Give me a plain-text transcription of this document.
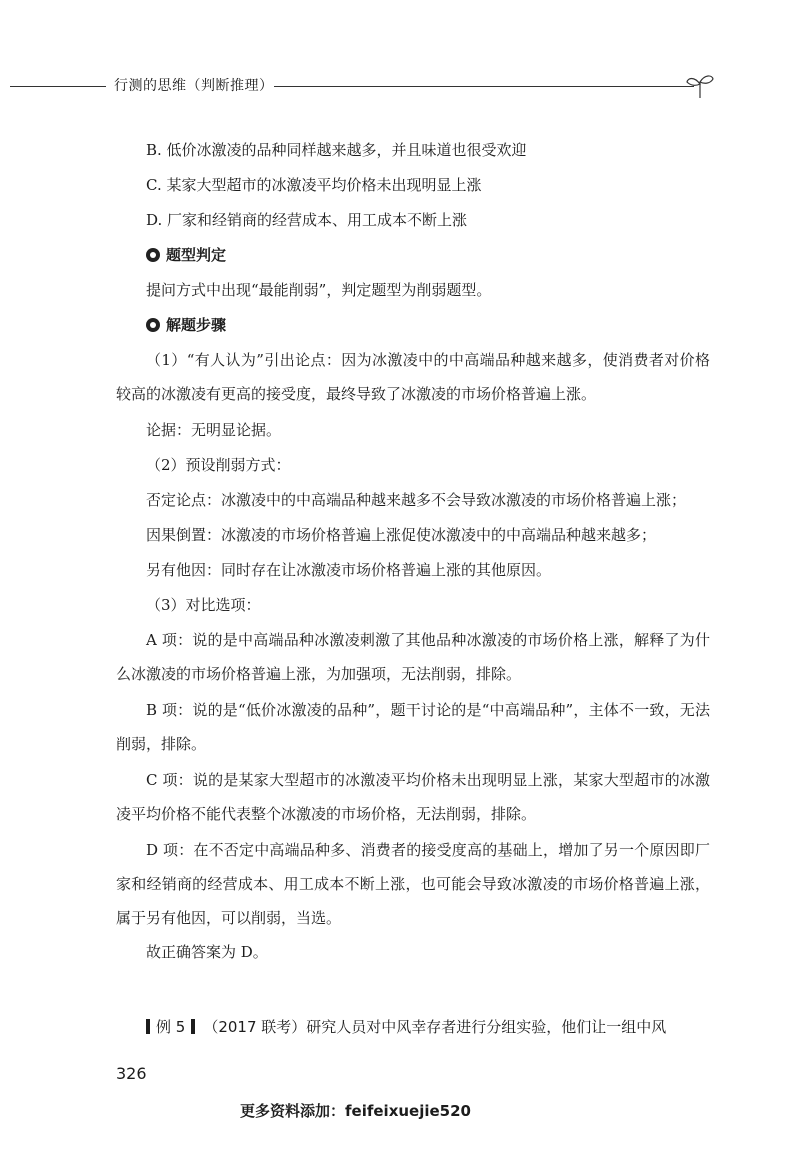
行测的思维（判断推理）
B. 低价冰激凌的品种同样越来越多，并且味道也很受欢迎
C. 某家大型超市的冰激凌平均价格未出现明显上涨
D. 厂家和经销商的经营成本、用工成本不断上涨
题型判定
提问方式中出现“最能削弱”，判定题型为削弱题型。
解题步骤

（1）“有人认为”引出论点：因为冰激凌中的中高端品种越来越多，使消费者对价格较高的冰激凌有更高的接受度，最终导致了冰激凌的市场价格普遍上涨。

论据：无明显论据。
（2）预设削弱方式：
否定论点：冰激凌中的中高端品种越来越多不会导致冰激凌的市场价格普遍上涨；
因果倒置：冰激凌的市场价格普遍上涨促使冰激凌中的中高端品种越来越多；
另有他因：同时存在让冰激凌市场价格普遍上涨的其他原因。
（3）对比选项：

A 项：说的是中高端品种冰激凌刺激了其他品种冰激凌的市场价格上涨，解释了为什么冰激凌的市场价格普遍上涨，为加强项，无法削弱，排除。

B 项：说的是“低价冰激凌的品种”，题干讨论的是“中高端品种”，主体不一致，无法削弱，排除。

C 项：说的是某家大型超市的冰激凌平均价格未出现明显上涨，某家大型超市的冰激凌平均价格不能代表整个冰激凌的市场价格，无法削弱，排除。

D 项：在不否定中高端品种多、消费者的接受度高的基础上，增加了另一个原因即厂家和经销商的经营成本、用工成本不断上涨，也可能会导致冰激凌的市场价格普遍上涨，属于另有他因，可以削弱，当选。

故正确答案为 D。
例 5 （2017 联考）研究人员对中风幸存者进行分组实验，他们让一组中风
326
更多资料添加：feifeixuejie520
